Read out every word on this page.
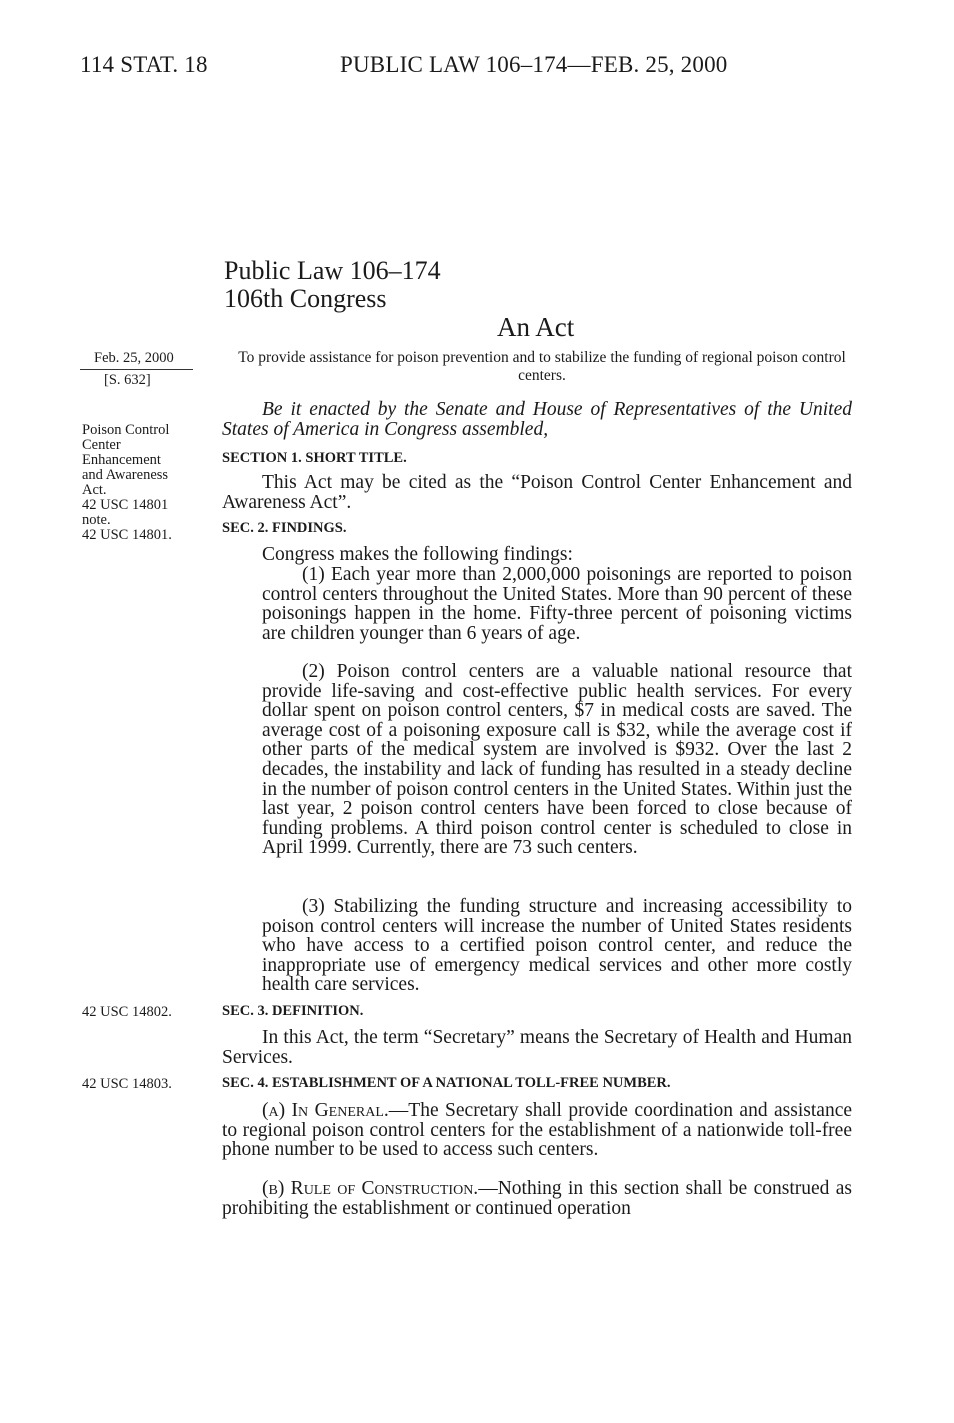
114 STAT. 18	PUBLIC LAW 106–174—FEB. 25, 2000
Public Law 106–174
106th Congress
An Act
To provide assistance for poison prevention and to stabilize the funding of regional poison control centers.
Feb. 25, 2000
[S. 632]
Poison Control
Center
Enhancement
and Awareness
Act.
42 USC 14801
note.
42 USC 14801.
42 USC 14802.
42 USC 14803.

Be it enacted by the Senate and House of Representatives of the United States of America in Congress assembled,

SECTION 1. SHORT TITLE.

This Act may be cited as the “Poison Control Center Enhancement and Awareness Act”.

SEC. 2. FINDINGS.

Congress makes the following findings:

(1) Each year more than 2,000,000 poisonings are reported to poison control centers throughout the United States. More than 90 percent of these poisonings happen in the home. Fifty-three percent of poisoning victims are children younger than 6 years of age.

(2) Poison control centers are a valuable national resource that provide life-saving and cost-effective public health services. For every dollar spent on poison control centers, $7 in medical costs are saved. The average cost of a poisoning exposure call is $32, while the average cost if other parts of the medical system are involved is $932. Over the last 2 decades, the instability and lack of funding has resulted in a steady decline in the number of poison control centers in the United States. Within just the last year, 2 poison control centers have been forced to close because of funding problems. A third poison control center is scheduled to close in April 1999. Currently, there are 73 such centers.

(3) Stabilizing the funding structure and increasing accessibility to poison control centers will increase the number of United States residents who have access to a certified poison control center, and reduce the inappropriate use of emergency medical services and other more costly health care services.

SEC. 3. DEFINITION.

In this Act, the term “Secretary” means the Secretary of Health and Human Services.

SEC. 4. ESTABLISHMENT OF A NATIONAL TOLL-FREE NUMBER.

(a) In General.—The Secretary shall provide coordination and assistance to regional poison control centers for the establishment of a nationwide toll-free phone number to be used to access such centers.

(b) Rule of Construction.—Nothing in this section shall be construed as prohibiting the establishment or continued operation
